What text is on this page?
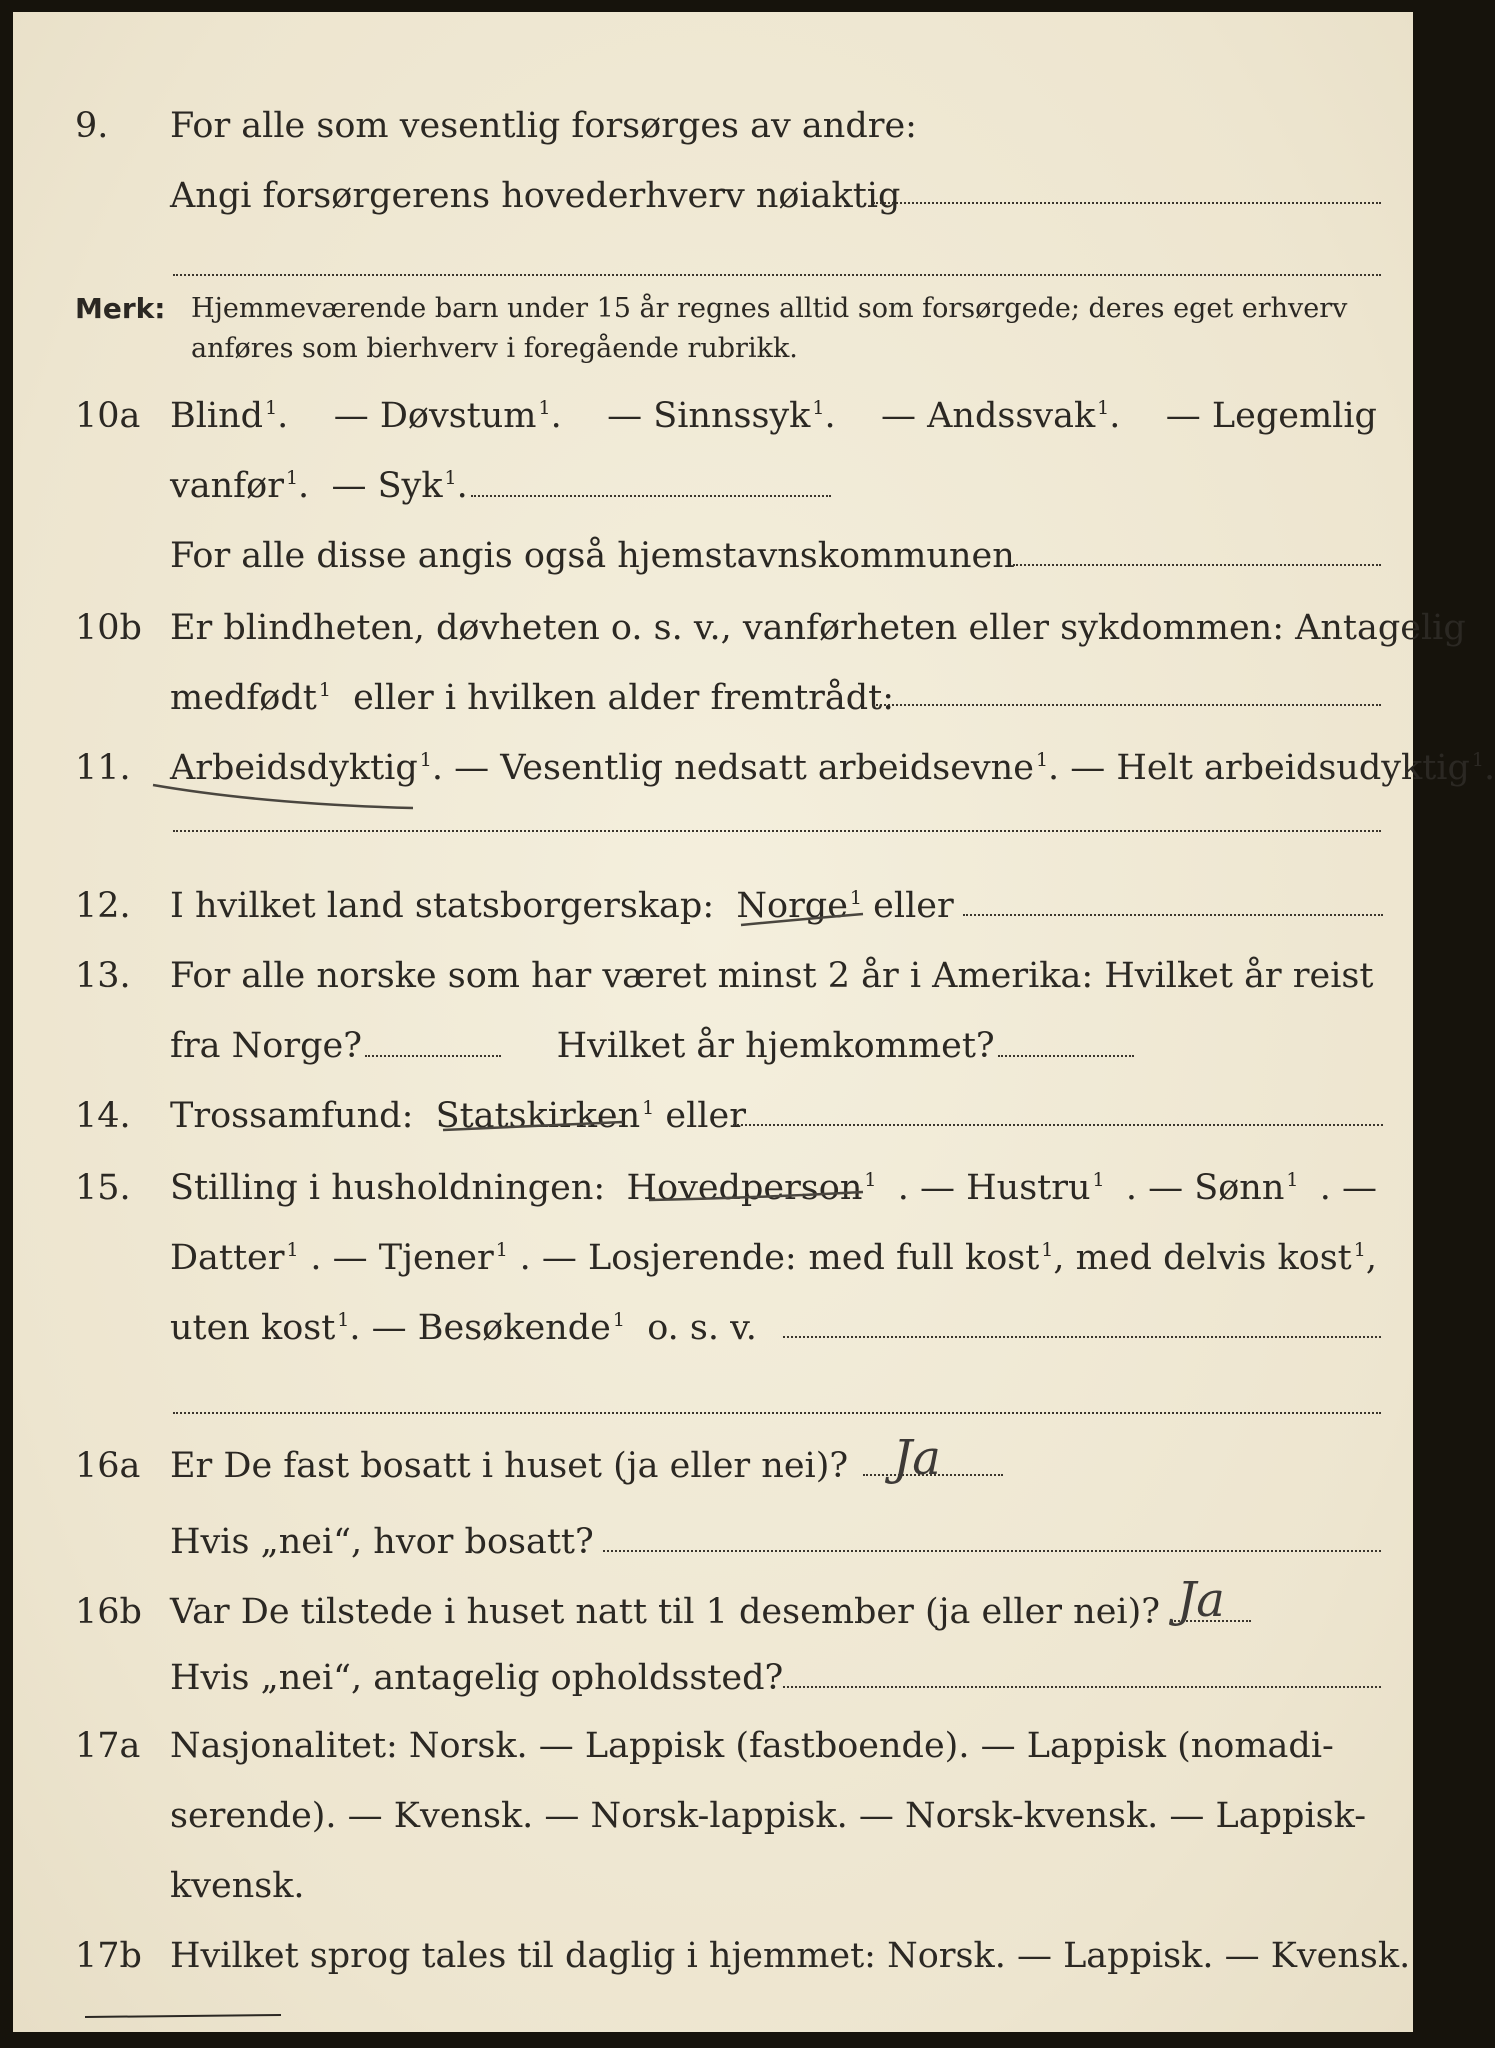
9. For alle som vesentlig forsørges av andre:
Angi forsørgerens hovederhverv nøiaktig
Merk: Hjemmeværende barn under 15 år regnes alltid som forsørgede; deres eget erhverv
anføres som bierhverv i foregående rubrikk.
10a Blind $^1$. — Døvstum $^1$. — Sinnssyk $^1$. — Andssvak $^1$. — Legemlig
vanfør $^1$.  — Syk $^1$.
For alle disse angis også hjemstavnskommunen
10b Er blindheten, døvheten o. s. v., vanførheten eller sykdommen: Antagelig
medfødt $^1$ eller i hvilken alder fremtrådt:
11. Arbeidsdyktig $^1$. — Vesentlig nedsatt arbeidsevne $^1$. — Helt arbeidsudyktig $^1$.
12. I hvilket land statsborgerskap: Norge $^1$ eller
13. For alle norske som har været minst 2 år i Amerika: Hvilket år reist
fra Norge?	Hvilket år hjemkommet?
14. Trossamfund: Statskirken $^1$ eller
15. Stilling i husholdningen: Hovedperson $^1$ . — Hustru $^1$ . — Sønn $^1$ . —
Datter $^1$ . — Tjener $^1$ . — Losjerende: med full kost $^1$, med delvis kost $^1$,
uten kost $^1$. — Besøkende $^1$ o. s. v.
16a Er De fast bosatt i huset (ja eller nei)? Ja
Hvis „nei“, hvor bosatt?
16b Var De tilstede i huset natt til 1 desember (ja eller nei)? Ja
Hvis „nei“, antagelig opholdssted?
17a Nasjonalitet: Norsk. — Lappisk (fastboende). — Lappisk (nomadi-
serende). — Kvensk. — Norsk-lappisk. — Norsk-kvensk. — Lappisk-
kvensk.
17b Hvilket sprog tales til daglig i hjemmet: Norsk. — Lappisk. — Kvensk.
